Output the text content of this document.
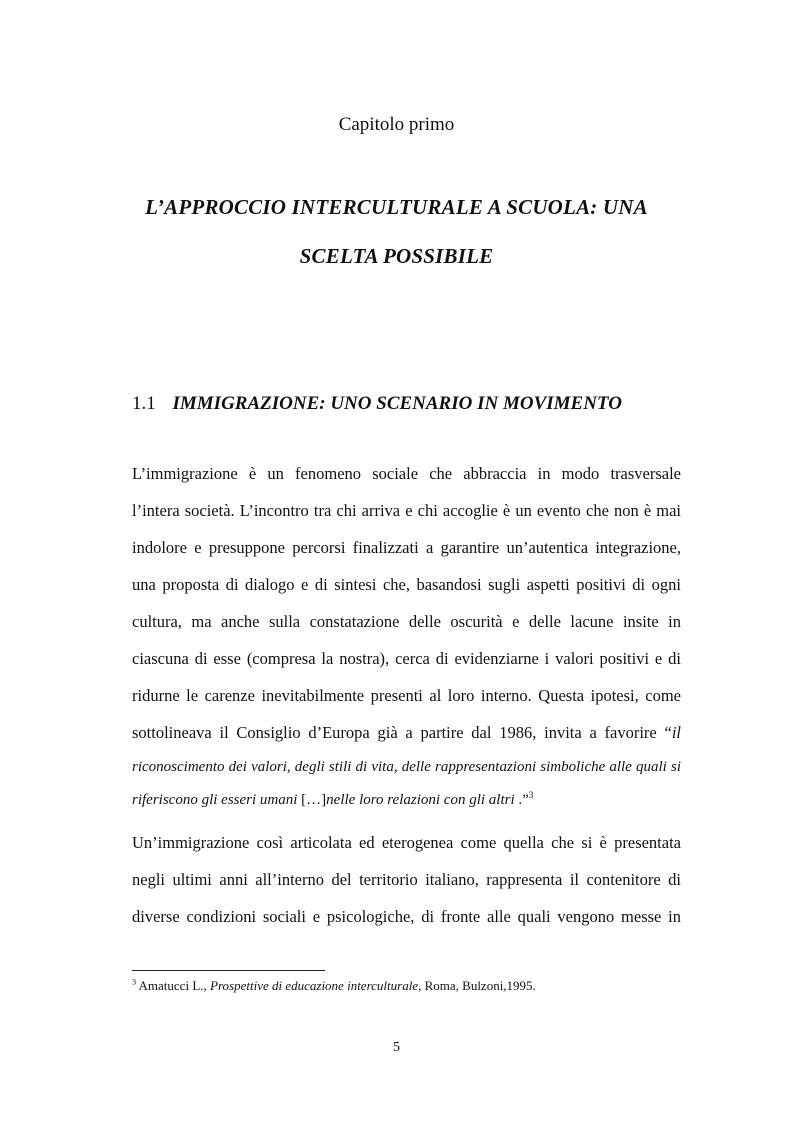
Capitolo primo
L’APPROCCIO INTERCULTURALE A SCUOLA: UNA
SCELTA POSSIBILE
1.1 IMMIGRAZIONE: UNO SCENARIO IN MOVIMENTO
L’immigrazione è un fenomeno sociale che abbraccia in modo trasversale
l’intera società. L’incontro tra chi arriva e chi accoglie è un evento che non è mai
indolore e presuppone percorsi finalizzati a garantire un’autentica integrazione,
una proposta di dialogo e di sintesi che, basandosi sugli aspetti positivi di ogni
cultura, ma anche sulla constatazione delle oscurità e delle lacune insite in
ciascuna di esse (compresa la nostra), cerca di evidenziarne i valori positivi e di
ridurne le carenze inevitabilmente presenti al loro interno. Questa ipotesi, come
sottolineava il Consiglio d’Europa già a partire dal 1986, invita a favorire “il
riconoscimento dei valori, degli stili di vita, delle rappresentazioni simboliche alle quali si
riferiscono gli esseri umani […]nelle loro relazioni con gli altri .”$^3$
Un’immigrazione così articolata ed eterogenea come quella che si è presentata
negli ultimi anni all’interno del territorio italiano, rappresenta il contenitore di
diverse condizioni sociali e psicologiche, di fronte alle quali vengono messe in
$^3$ Amatucci L., Prospettive di educazione interculturale, Roma, Bulzoni,1995.
5
